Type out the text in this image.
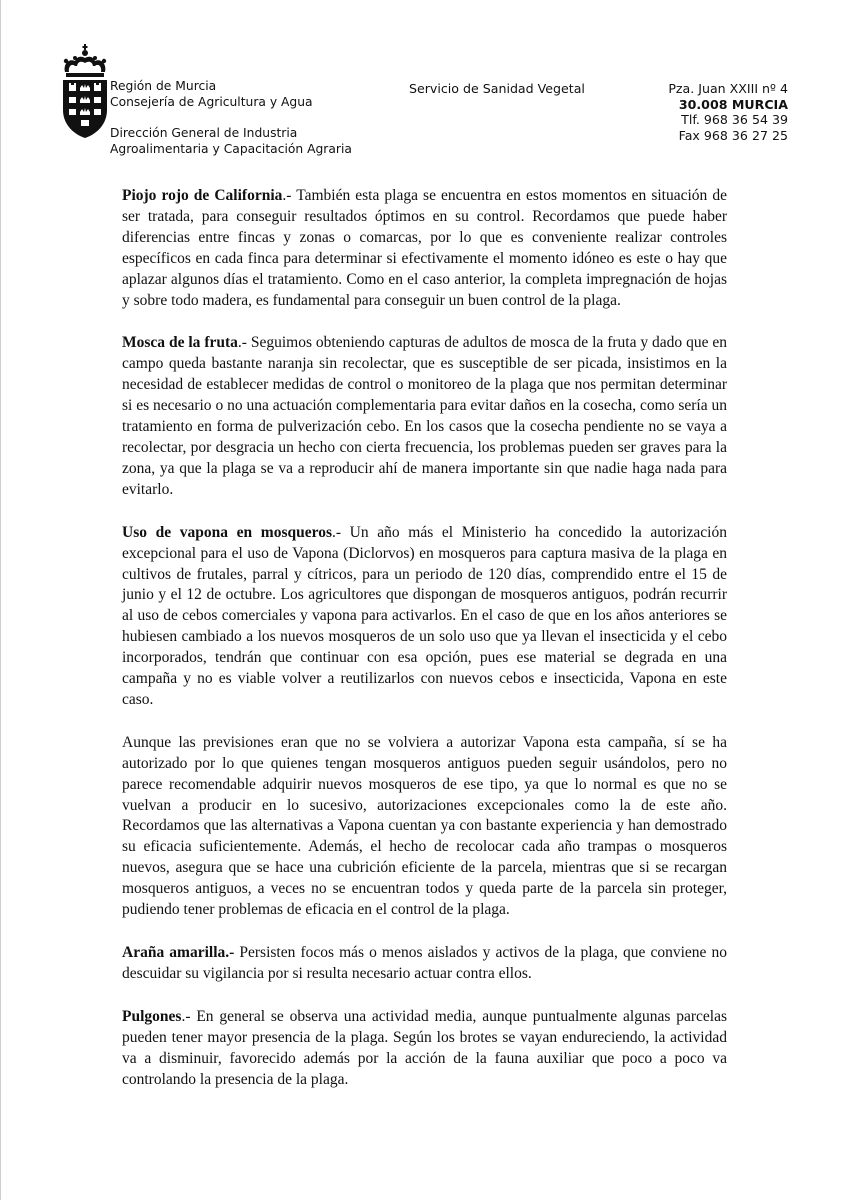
Región de Murcia
Consejería de Agricultura y Agua
Dirección General de Industria
Agroalimentaria y Capacitación Agraria
Servicio de Sanidad Vegetal	Pza. Juan XXIII nº 4
30.008 MURCIA
Tlf. 968 36 54 39
Fax 968 36 27 25

Piojo rojo de California.- También esta plaga se encuentra en estos momentos en situación de ser tratada, para conseguir resultados óptimos en su control. Recordamos que puede haber diferencias entre fincas y zonas o comarcas, por lo que es conveniente realizar controles específicos en cada finca para determinar si efectivamente el momento idóneo es este o hay que aplazar algunos días el tratamiento. Como en el caso anterior, la completa impregnación de hojas y sobre todo madera, es fundamental para conseguir un buen control de la plaga.

Mosca de la fruta.- Seguimos obteniendo capturas de adultos de mosca de la fruta y dado que en campo queda bastante naranja sin recolectar, que es susceptible de ser picada, insistimos en la necesidad de establecer medidas de control o monitoreo de la plaga que nos permitan determinar si es necesario o no una actuación complementaria para evitar daños en la cosecha, como sería un tratamiento en forma de pulverización cebo. En los casos que la cosecha pendiente no se vaya a recolectar, por desgracia un hecho con cierta frecuencia, los problemas pueden ser graves para la zona, ya que la plaga se va a reproducir ahí de manera importante sin que nadie haga nada para evitarlo.

Uso de vapona en mosqueros.- Un año más el Ministerio ha concedido la autorización excepcional para el uso de Vapona (Diclorvos) en mosqueros para captura masiva de la plaga en cultivos de frutales, parral y cítricos, para un periodo de 120 días, comprendido entre el 15 de junio y el 12 de octubre. Los agricultores que dispongan de mosqueros antiguos, podrán recurrir al uso de cebos comerciales y vapona para activarlos. En el caso de que en los años anteriores se hubiesen cambiado a los nuevos mosqueros de un solo uso que ya llevan el insecticida y el cebo incorporados, tendrán que continuar con esa opción, pues ese material se degrada en una campaña y no es viable volver a reutilizarlos con nuevos cebos e insecticida, Vapona en este caso.

Aunque las previsiones eran que no se volviera a autorizar Vapona esta campaña, sí se ha autorizado por lo que quienes tengan mosqueros antiguos pueden seguir usándolos, pero no parece recomendable adquirir nuevos mosqueros de ese tipo, ya que lo normal es que no se vuelvan a producir en lo sucesivo, autorizaciones excepcionales como la de este año. Recordamos que las alternativas a Vapona cuentan ya con bastante experiencia y han demostrado su eficacia suficientemente. Además, el hecho de recolocar cada año trampas o mosqueros nuevos, asegura que se hace una cubrición eficiente de la parcela, mientras que si se recargan mosqueros antiguos, a veces no se encuentran todos y queda parte de la parcela sin proteger, pudiendo tener problemas de eficacia en el control de la plaga.

Araña amarilla.- Persisten focos más o menos aislados y activos de la plaga, que conviene no descuidar su vigilancia por si resulta necesario actuar contra ellos.

Pulgones.- En general se observa una actividad media, aunque puntualmente algunas parcelas pueden tener mayor presencia de la plaga. Según los brotes se vayan endureciendo, la actividad va a disminuir, favorecido además por la acción de la fauna auxiliar que poco a poco va controlando la presencia de la plaga.
